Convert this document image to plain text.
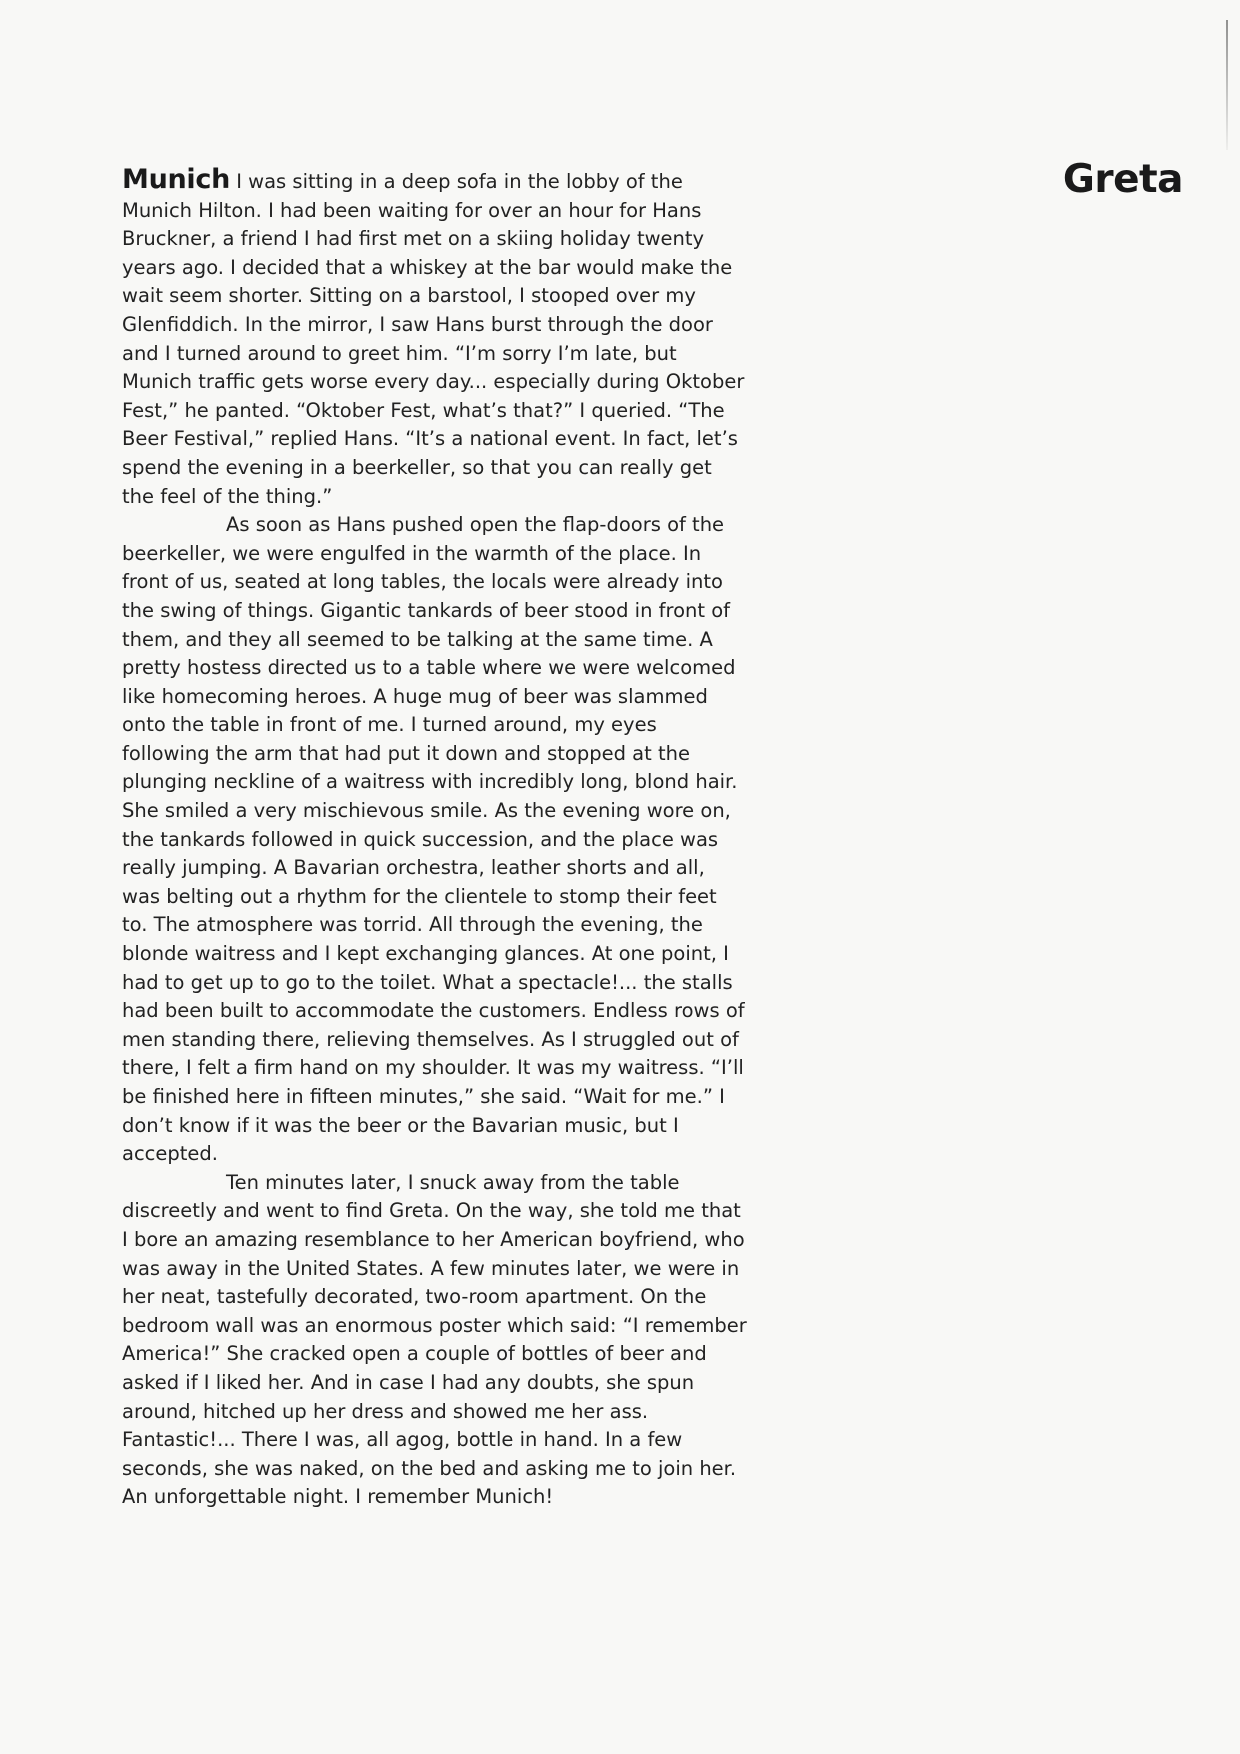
Greta

Munich I was sitting in a deep sofa in the lobby of the Munich Hilton. I had been waiting for over an hour for Hans Bruckner, a friend I had first met on a skiing holiday twenty years ago. I decided that a whiskey at the bar would make the wait seem shorter. Sitting on a barstool, I stooped over my Glenfiddich. In the mirror, I saw Hans burst through the door and I turned around to greet him. “I’m sorry I’m late, but Munich traffic gets worse every day... especially during Oktober Fest,” he panted. “Oktober Fest, what’s that?” I queried. “The Beer Festival,” replied Hans. “It’s a national event. In fact, let’s spend the evening in a beerkeller, so that you can really get the feel of the thing.”

As soon as Hans pushed open the flap-doors of the beerkeller, we were engulfed in the warmth of the place. In front of us, seated at long tables, the locals were already into the swing of things. Gigantic tankards of beer stood in front of them, and they all seemed to be talking at the same time. A pretty hostess directed us to a table where we were welcomed like homecoming heroes. A huge mug of beer was slammed onto the table in front of me. I turned around, my eyes following the arm that had put it down and stopped at the plunging neckline of a waitress with incredibly long, blond hair. She smiled a very mischievous smile. As the evening wore on, the tankards followed in quick succession, and the place was really jumping. A Bavarian orchestra, leather shorts and all, was belting out a rhythm for the clientele to stomp their feet to. The atmosphere was torrid. All through the evening, the blonde waitress and I kept exchanging glances. At one point, I had to get up to go to the toilet. What a spectacle!... the stalls had been built to accommodate the customers. Endless rows of men standing there, relieving themselves. As I struggled out of there, I felt a firm hand on my shoulder. It was my waitress. “I’ll be finished here in fifteen minutes,” she said. “Wait for me.” I don’t know if it was the beer or the Bavarian music, but I accepted.

Ten minutes later, I snuck away from the table discreetly and went to find Greta. On the way, she told me that I bore an amazing resemblance to her American boyfriend, who was away in the United States. A few minutes later, we were in her neat, tastefully decorated, two-room apartment. On the bedroom wall was an enormous poster which said: “I remember America!” She cracked open a couple of bottles of beer and asked if I liked her. And in case I had any doubts, she spun around, hitched up her dress and showed me her ass. Fantastic!... There I was, all agog, bottle in hand. In a few seconds, she was naked, on the bed and asking me to join her. An unforgettable night. I remember Munich!
